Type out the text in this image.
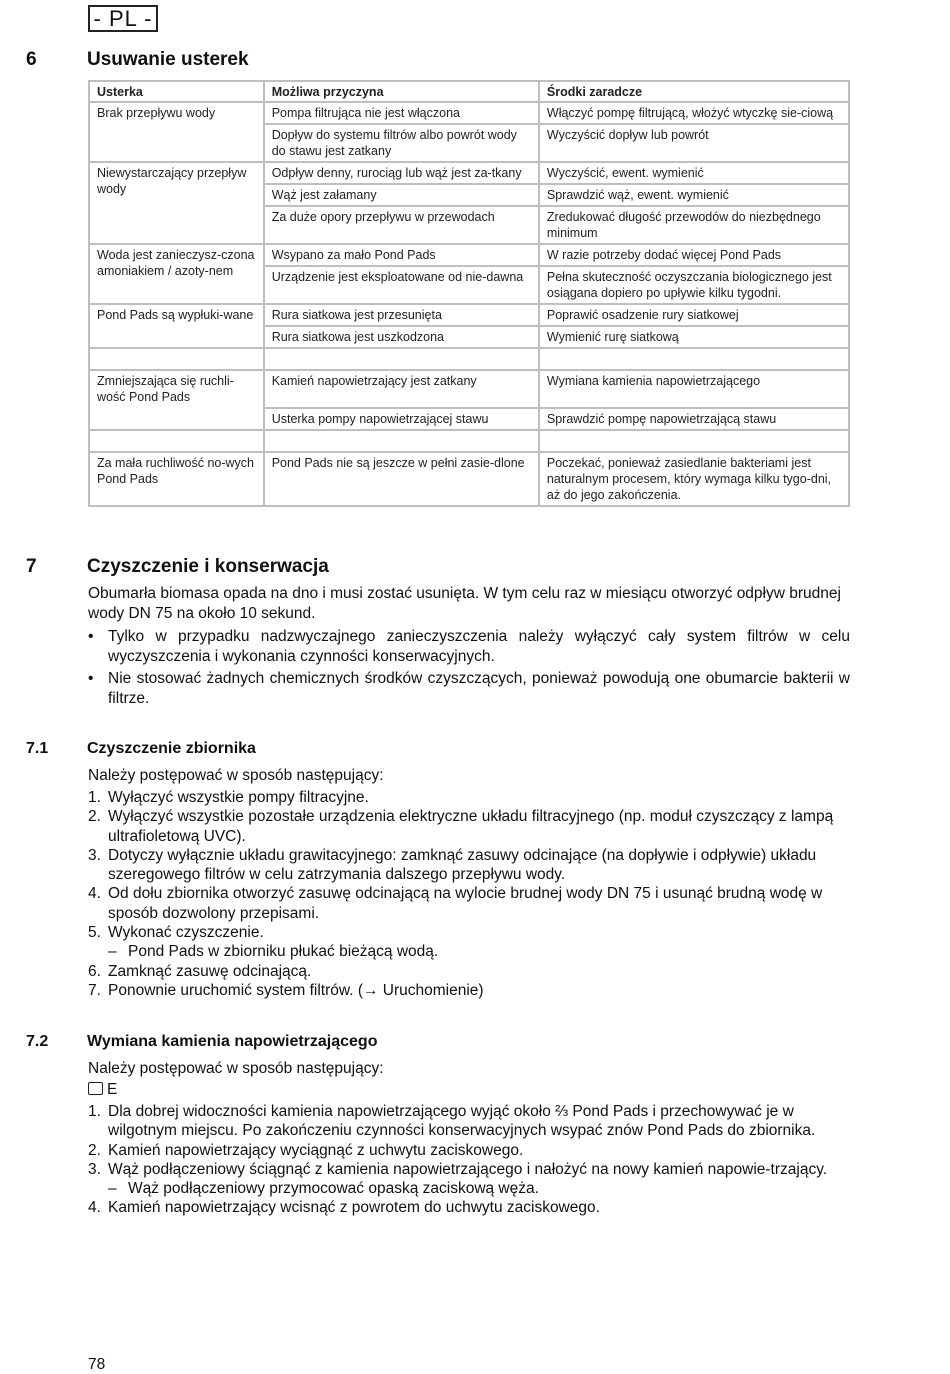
- PL -
6	Usuwanie usterek
Usterka	Możliwa przyczyna	Środki zaradcze
Brak przepływu wody	Pompa filtrująca nie jest włączona	Włączyć pompę filtrującą, włożyć wtyczkę sie-ciową
	Dopływ do systemu filtrów albo powrót wody do stawu jest zatkany	Wyczyścić dopływ lub powrót
Niewystarczający przepływ wody	Odpływ denny, rurociąg lub wąż jest za-tkany	Wyczyścić, ewent. wymienić
	Wąż jest załamany	Sprawdzić wąż, ewent. wymienić
	Za duże opory przepływu w przewodach	Zredukować długość przewodów do niezbędnego minimum
Woda jest zanieczysz-czona amoniakiem / azoty-nem	Wsypano za mało Pond Pads	W razie potrzeby dodać więcej Pond Pads
	Urządzenie jest eksploatowane od nie-dawna	Pełna skuteczność oczyszczania biologicznego jest osiągana dopiero po upływie kilku tygodni.
Pond Pads są wypłuki-wane	Rura siatkowa jest przesunięta	Poprawić osadzenie rury siatkowej
	Rura siatkowa jest uszkodzona	Wymienić rurę siatkową

Zmniejszająca się ruchli-wość Pond Pads	Kamień napowietrzający jest zatkany	Wymiana kamienia napowietrzającego
	Usterka pompy napowietrzającej stawu	Sprawdzić pompę napowietrzającą stawu

Za mała ruchliwość no-wych Pond Pads	Pond Pads nie są jeszcze w pełni zasie-dlone	Poczekać, ponieważ zasiedlanie bakteriami jest naturalnym procesem, który wymaga kilku tygo-dni, aż do jego zakończenia.
7	Czyszczenie i konserwacja
Obumarła biomasa opada na dno i musi zostać usunięta. W tym celu raz w miesiącu otworzyć odpływ brudnej wody DN 75 na około 10 sekund.
• Tylko w przypadku nadzwyczajnego zanieczyszczenia należy wyłączyć cały system filtrów w celu wyczyszczenia i wykonania czynności konserwacyjnych.
• Nie stosować żadnych chemicznych środków czyszczących, ponieważ powodują one obumarcie bakterii w filtrze.
7.1 Czyszczenie zbiornika
Należy postępować w sposób następujący:
1. Wyłączyć wszystkie pompy filtracyjne.
2. Wyłączyć wszystkie pozostałe urządzenia elektryczne układu filtracyjnego (np. moduł czyszczący z lampą ultrafioletową UVC).
3. Dotyczy wyłącznie układu grawitacyjnego: zamknąć zasuwy odcinające (na dopływie i odpływie) układu szeregowego filtrów w celu zatrzymania dalszego przepływu wody.
4. Od dołu zbiornika otworzyć zasuwę odcinającą na wylocie brudnej wody DN 75 i usunąć brudną wodę w sposób dozwolony przepisami.
5. Wykonać czyszczenie.
– Pond Pads w zbiorniku płukać bieżącą wodą.
6. Zamknąć zasuwę odcinającą.
7. Ponownie uruchomić system filtrów. (→ Uruchomienie)
7.2 Wymiana kamienia napowietrzającego
Należy postępować w sposób następujący:
E
1. Dla dobrej widoczności kamienia napowietrzającego wyjąć około ⅔ Pond Pads i przechowywać je w wilgotnym miejscu. Po zakończeniu czynności konserwacyjnych wsypać znów Pond Pads do zbiornika.
2. Kamień napowietrzający wyciągnąć z uchwytu zaciskowego.
3. Wąż podłączeniowy ściągnąć z kamienia napowietrzającego i nałożyć na nowy kamień napowie-trzający.
– Wąż podłączeniowy przymocować opaską zaciskową węża.
4. Kamień napowietrzający wcisnąć z powrotem do uchwytu zaciskowego.
78
